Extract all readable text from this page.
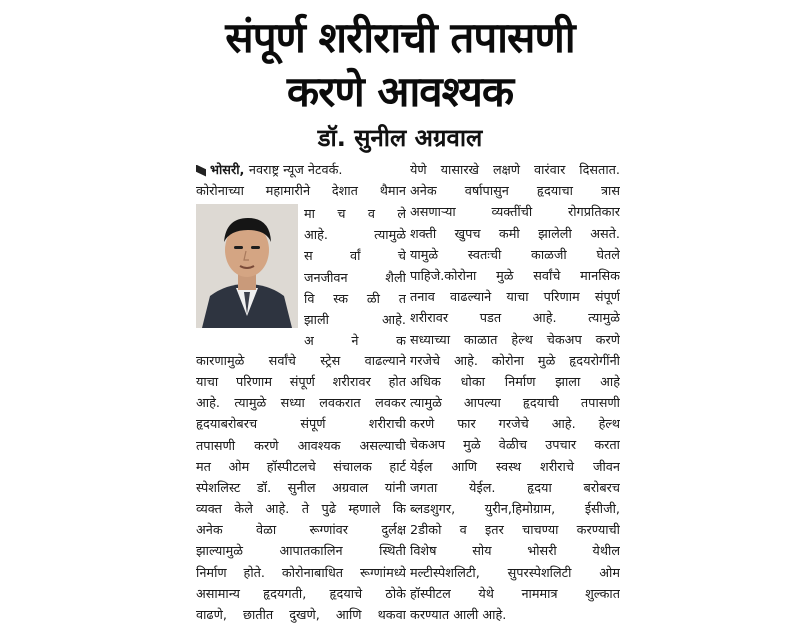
संपूर्ण शरीराची तपासणी
करणे आवश्यक
डॉ. सुनील अग्रवाल
भोसरी, नवराष्ट्र न्यूज नेटवर्क.
कोरोनाच्या महामारीने देशात थैमान
कारणामुळे सर्वांचे स्ट्रेस वाढल्याने
याचा परिणाम संपूर्ण शरीरावर होत
आहे. त्यामुळे सध्या लवकरात लवकर
हृदयाबरोबरच संपूर्ण शरीराची
तपासणी करणे आवश्यक असल्याची
मत ओम हॉस्पीटलचे संचालक हार्ट
स्पेशलिस्ट डॉ. सुनील अग्रवाल यांनी
व्यक्त केले आहे. ते पुढे म्हणाले कि
अनेक वेळा रूग्णांवर दुर्लक्ष
झाल्यामुळे आपातकालिन स्थिती
निर्माण होते. कोरोनाबाधित रूग्णांमध्ये
असामान्य हृदयगती, हृदयाचे ठोके
वाढणे, छातीत दुखणे, आणि थकवा
मा च व ले
आहे. त्यामुळे
स र्वां चे
जनजीवन शैली
वि स्क ळी त
झाली आहे.
अ ने क
येणे यासारखे लक्षणे वारंवार दिसतात.
अनेक वर्षापासुन हृदयाचा त्रास
असणाऱ्या व्यक्तींची रोगप्रतिकार
शक्ती खुपच कमी झालेली असते.
यामुळे स्वतःची काळजी घेतले
पाहिजे.कोरोना मुळे सर्वांचे मानसिक
तनाव वाढल्याने याचा परिणाम संपूर्ण
शरीरावर पडत आहे. त्यामुळे
सध्याच्या काळात हेल्थ चेकअप करणे
गरजेचे आहे. कोरोना मुळे हृदयरोगींनी
अधिक धोका निर्माण झाला आहे
त्यामुळे आपल्या हृदयाची तपासणी
करणे फार गरजेचे आहे. हेल्थ
चेकअप मुळे वेळीच उपचार करता
येईल आणि स्वस्थ शरीराचे जीवन
जगता येईल. हृदया बरोबरच
ब्लडशुगर, युरीन,हिमोग्राम, ईसीजी,
2डीको व इतर चाचण्या करण्याची
विशेष सोय भोसरी येथील
मल्टीस्पेशलिटी, सुपरस्पेशलिटी ओम
हॉस्पीटल येथे नाममात्र शुल्कात
करण्यात आली आहे.
